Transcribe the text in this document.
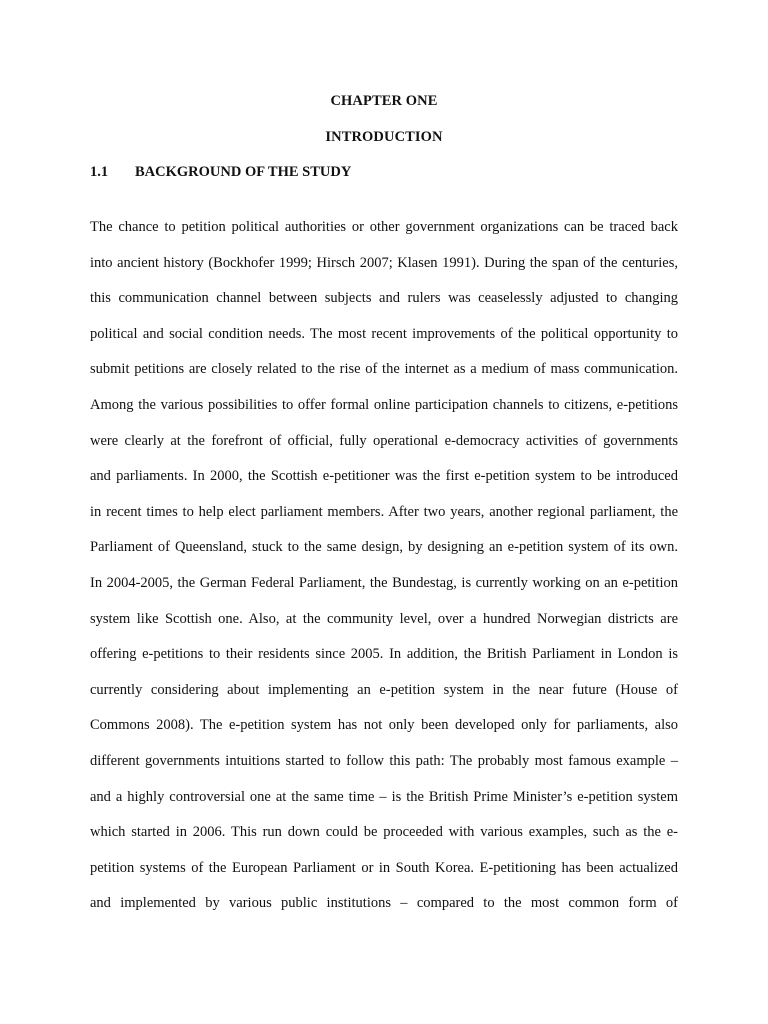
CHAPTER ONE
INTRODUCTION
1.1 BACKGROUND OF THE STUDY
The chance to petition political authorities or other government organizations can be traced back
into ancient history (Bockhofer 1999; Hirsch 2007; Klasen 1991). During the span of the centuries,
this communication channel between subjects and rulers was ceaselessly adjusted to changing
political and social condition needs. The most recent improvements of the political opportunity to
submit petitions are closely related to the rise of the internet as a medium of mass communication.
Among the various possibilities to offer formal online participation channels to citizens, e-petitions
were clearly at the forefront of official, fully operational e-democracy activities of governments
and parliaments. In 2000, the Scottish e-petitioner was the first e-petition system to be introduced
in recent times to help elect parliament members. After two years, another regional parliament, the
Parliament of Queensland, stuck to the same design, by designing an e-petition system of its own.
In 2004-2005, the German Federal Parliament, the Bundestag, is currently working on an e-petition
system like Scottish one. Also, at the community level, over a hundred Norwegian districts are
offering e-petitions to their residents since 2005. In addition, the British Parliament in London is
currently considering about implementing an e-petition system in the near future (House of
Commons 2008). The e-petition system has not only been developed only for parliaments, also
different governments intuitions started to follow this path: The probably most famous example –
and a highly controversial one at the same time – is the British Prime Minister’s e-petition system
which started in 2006. This run down could be proceeded with various examples, such as the e-
petition systems of the European Parliament or in South Korea. E-petitioning has been actualized
and implemented by various public institutions – compared to the most common form of
